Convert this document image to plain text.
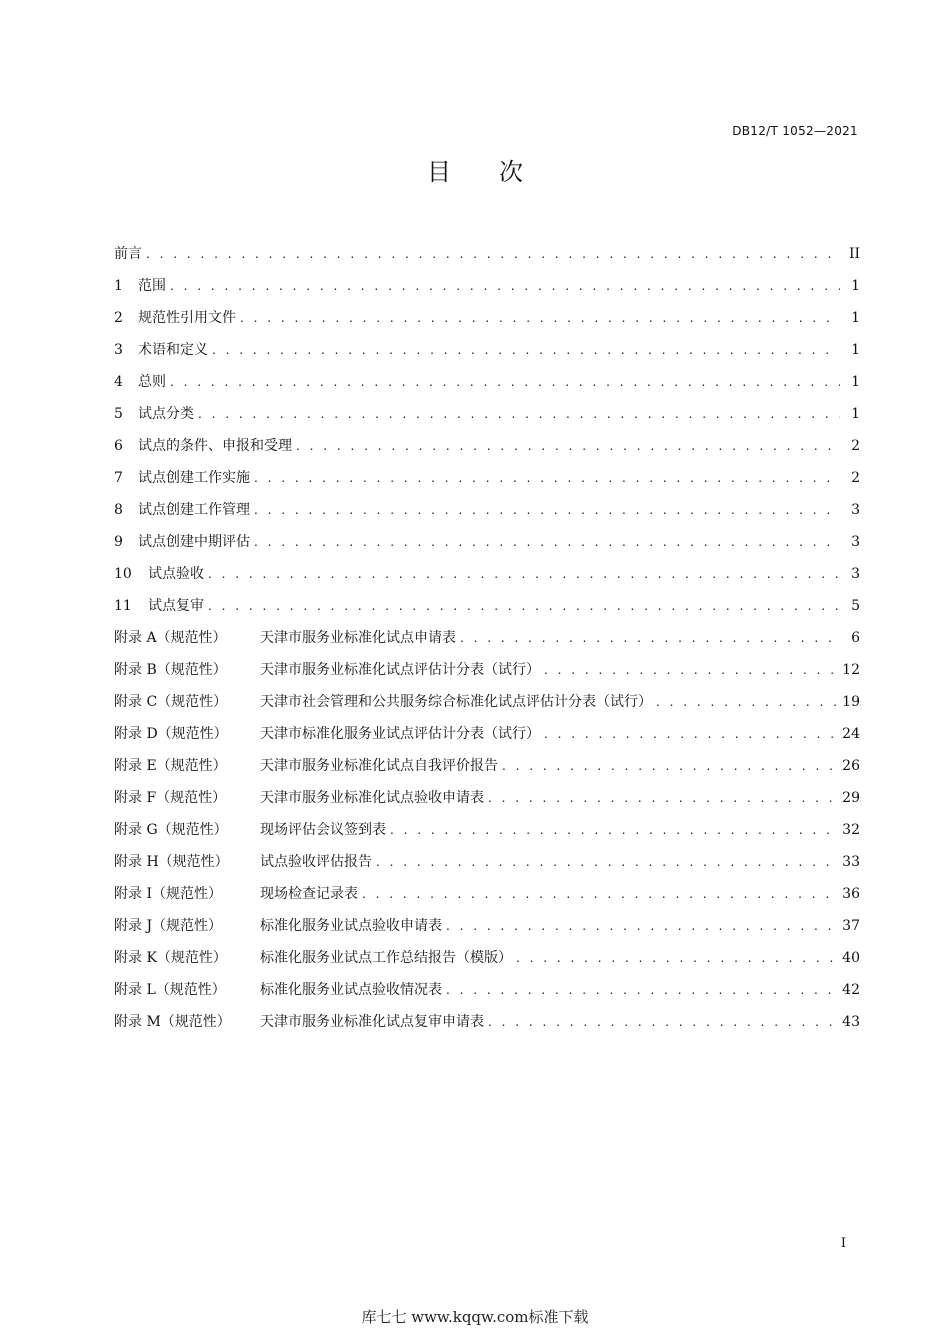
DB12/T 1052—2021
目 次
前言 . . .	II
1	范围 . . .	1
2	规范性引用文件 . . .	1
3	术语和定义 . . .	1
4	总则 . . .	1
5	试点分类 . . .	1
6	试点的条件、申报和受理 . . .	2
7	试点创建工作实施 . . .	2
8	试点创建工作管理 . . .	3
9	试点创建中期评估 . . .	3
10	试点验收 . . .	3
11	试点复审 . . .	5
附录 A（规范性）	天津市服务业标准化试点申请表 . . .	6
附录 B（规范性）	天津市服务业标准化试点评估计分表（试行） . . .	12
附录 C（规范性）	天津市社会管理和公共服务综合标准化试点评估计分表（试行） . . .	19
附录 D（规范性）	天津市标准化服务业试点评估计分表（试行） . . .	24
附录 E（规范性）	天津市服务业标准化试点自我评价报告 . . .	26
附录 F（规范性）	天津市服务业标准化试点验收申请表 . . .	29
附录 G（规范性）	现场评估会议签到表 . . .	32
附录 H（规范性）	试点验收评估报告 . . .	33
附录 I（规范性）	现场检查记录表 . . .	36
附录 J（规范性）	标准化服务业试点验收申请表 . . .	37
附录 K（规范性）	标准化服务业试点工作总结报告（模版） . . .	40
附录 L（规范性）	标准化服务业试点验收情况表 . . .	42
附录 M（规范性）	天津市服务业标准化试点复审申请表 . . .	43
I
库七七 www.kqqw.com标准下载
